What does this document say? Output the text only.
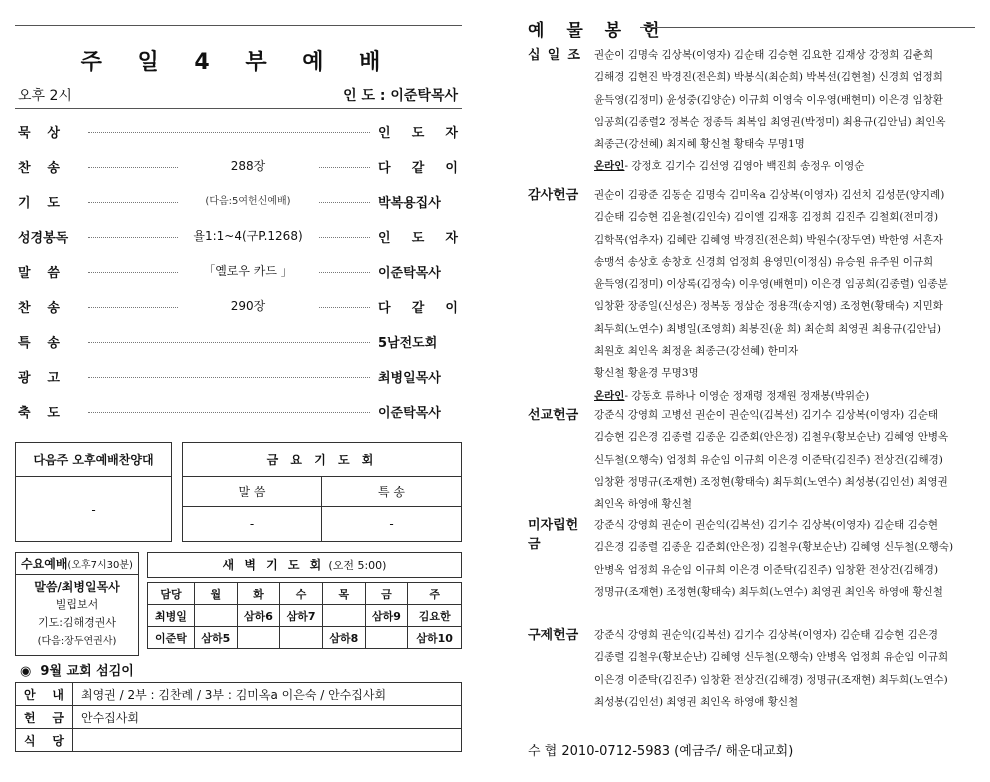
주 일 4 부 예 배
오후 2시	인 도 : 이준탁목사
묵 상	인 도 자
찬 송	288장	다 같 이
기 도	(다음:5여헌신예배)	박복용집사
성경봉독	욜1:1~4(구P.1268)	인 도 자
말 씀	「옐로우 카드 」	이준탁목사
찬 송	290장	다 같 이
특 송	5남전도회
광 고	최병일목사
축 도	이준탁목사
다음주 오후예배찬양대
-
금 요 기 도 회
말 씀	특 송
-	-
수요예배(오후7시30분)
말씀/최병일목사
빌립보서
기도:김해경권사
(다음:장두연권사)
새 벽 기 도 회 (오전 5:00)
담당	월	화	수	목	금	주
최병일		삼하6	삼하7		삼하9	김요한
이준탁	삼하5			삼하8		삼하10
◉ 9월 교회 섬김이
안 내	최영권 / 2부 : 김찬례 / 3부 : 김미옥a 이은숙 / 안수집사회
헌 금	안수집사회
식 당	
예 물 봉 헌
십 일 조 권순이 김명숙 김상복(이영자) 김순태 김승현 김요한 김재상 강정희 김춘희
김해경 김현진 박경진(전은희) 박봉식(최순희) 박복선(김현철) 신경희 엄정희
윤득영(김정미) 윤성중(김양순) 이규희 이영숙 이우영(배현미) 이은경 임창환
임공희(김종렬2 정복순 정종득 최복임 최영권(박정미) 최용규(김안님) 최인옥
최종근(강선혜) 최지혜 황신철 황태숙 무명1명
온라인- 강정호 김기수 김선영 김영아 백진희 송정우 이영순
감사헌금 권순이 김광준 김동순 김명숙 김미옥a 김상복(이영자) 김선치 김성문(양지례)
김순태 김승현 김윤철(김인숙) 김이엘 김재홍 김정희 김진주 김철회(전미경)
김학목(엄추자) 김혜란 김혜영 박경진(전은희) 박원수(장두연) 박한영 서흔자
송맹석 송상호 송창호 신경희 엄정희 용영민(이정심) 유승원 유주원 이규희
윤득영(김정미) 이상록(김정숙) 이우영(배현미) 이은경 임공희(김종렬) 임종분
임창환 장종일(신성은) 정복동 정삼순 정용객(송지영) 조정현(황태숙) 지민화
최두희(노연수) 최병일(조영희) 최봉진(윤 희) 최순희 최영권 최용규(김안님)
최원호 최인옥 최정윤 최종근(강선혜) 한미자
황신철 황윤경 무명3명
온라인- 강동호 류하나 이영순 정재령 정재원 정재봉(박위순)
선교헌금 강준식 강영희 고병선 권순이 권순익(김복선) 김기수 김상복(이영자) 김순태
김승현 김은경 김종렬 김종운 김준회(안은정) 김철우(황보순난) 김혜영 안병옥
신두철(오행숙) 엄정희 유순임 이규희 이은경 이준탁(김진주) 전상건(김해경)
임창환 정명규(조재현) 조정현(황태숙) 최두희(노연수) 최성봉(김인선) 최영권
최인옥 하영애 황신철
미자립헌금
강준식 강영희 권순이 권순익(김복선) 김기수 김상복(이영자) 김순태 김승현
김은경 김종렬 김종운 김준회(안은정) 김철우(황보순난) 김혜영 신두철(오행숙)
안병옥 엄정희 유순임 이규희 이은경 이준탁(김진주) 임창환 전상건(김해경)
정명규(조재현) 조정현(황태숙) 최두희(노연수) 최영권 최인옥 하영애 황신철
구제헌금 강준식 강영희 권순익(김복선) 김기수 김상복(이영자) 김순태 김승현 김은경
김종렬 김철우(황보순난) 김혜영 신두철(오행숙) 안병옥 엄정희 유순임 이규희
이은경 이준탁(김진주) 임창환 전상건(김해경) 정명규(조재현) 최두희(노연수)
최성봉(김인선) 최영권 최인옥 하영애 황신철
수 협 2010-0712-5983 (예금주/ 해운대교회)
